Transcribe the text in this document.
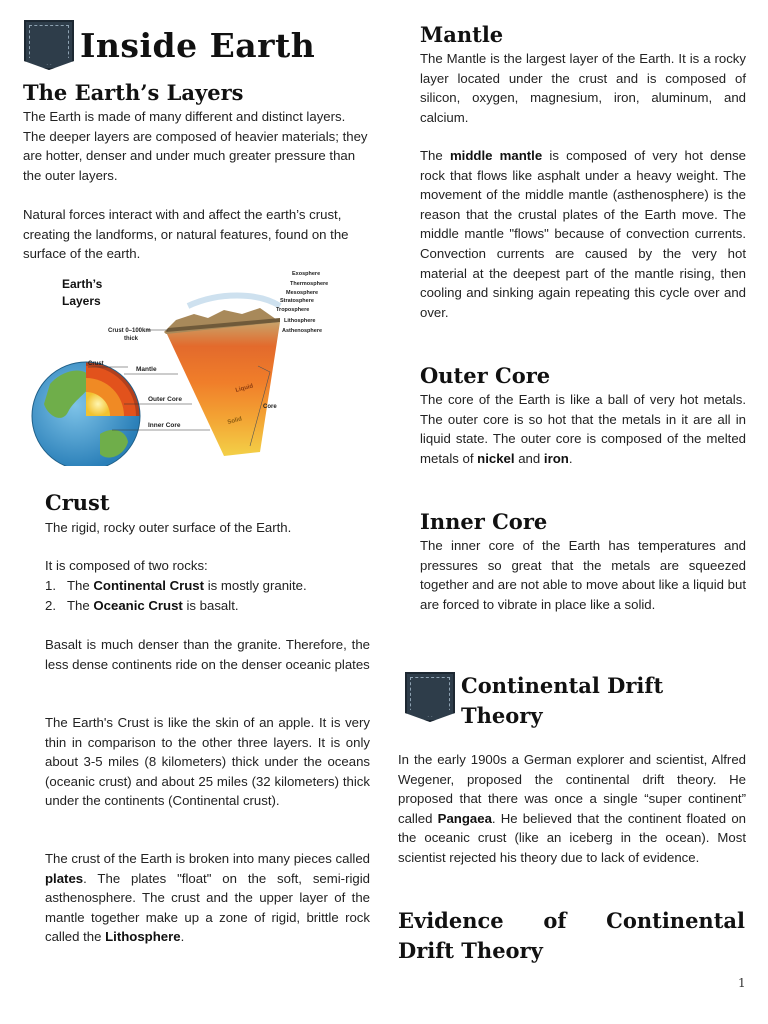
Inside Earth
The Earth’s Layers

The Earth is made of many different and distinct layers. The deeper layers are composed of heavier materials; they are hotter, denser and under much greater pressure than the outer layers.

Natural forces interact with and affect the earth’s crust, creating the landforms, or natural features, found on the surface of the earth.

Earth’s
Layers
Exosphere
Thermosphere
Mesosphere
Stratosphere
Troposphere
Lithosphere
Asthenosphere
Crust 0–100km
thick
Crust
Mantle
Outer Core
Inner Core
Liquid
Solid
Core
Crust

The rigid, rocky outer surface of the Earth.

It is composed of two rocks:

1. The Continental Crust is mostly granite.
2. The Oceanic Crust is basalt.

Basalt is much denser than the granite. Therefore, the less dense continents ride on the denser oceanic plates

The Earth's Crust is like the skin of an apple. It is very thin in comparison to the other three layers. It is only about 3-5 miles (8 kilometers) thick under the oceans (oceanic crust) and about 25 miles (32 kilometers) thick under the continents (Continental crust).

The crust of the Earth is broken into many pieces called plates. The plates "float" on the soft, semi-rigid asthenosphere. The crust and the upper layer of the mantle together make up a zone of rigid, brittle rock called the Lithosphere.

Mantle

The Mantle is the largest layer of the Earth. It is a rocky layer located under the crust and is composed of silicon, oxygen, magnesium, iron, aluminum, and calcium.

The middle mantle is composed of very hot dense rock that flows like asphalt under a heavy weight. The movement of the middle mantle (asthenosphere) is the reason that the crustal plates of the Earth move. The middle mantle "flows" because of convection currents. Convection currents are caused by the very hot material at the deepest part of the mantle rising, then cooling and sinking again repeating this cycle over and over.

Outer Core

The core of the Earth is like a ball of very hot metals. The outer core is so hot that the metals in it are all in liquid state. The outer core is composed of the melted metals of nickel and iron.

Inner Core

The inner core of the Earth has temperatures and pressures so great that the metals are squeezed together and are not able to move about like a liquid but are forced to vibrate in place like a solid.

Continental Drift
Theory

In the early 1900s a German explorer and scientist, Alfred Wegener, proposed the continental drift theory. He proposed that there was once a single “super continent” called Pangaea. He believed that the continent floated on the oceanic crust (like an iceberg in the ocean). Most scientist rejected his theory due to lack of evidence.

Evidence of Continental
Drift Theory
1
